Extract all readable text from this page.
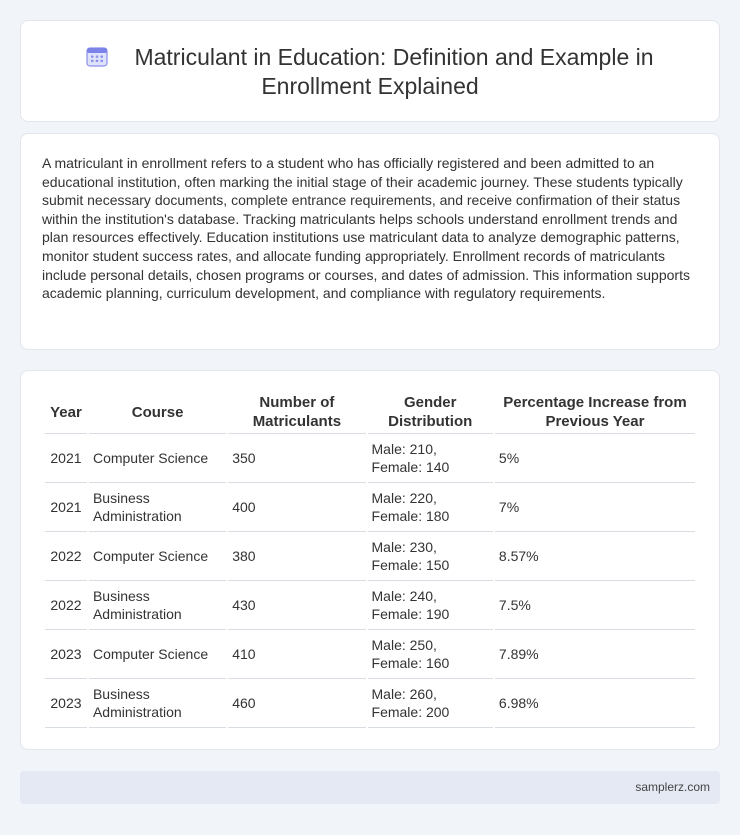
Matriculant in Education: Definition and Example in
Enrollment Explained

A matriculant in enrollment refers to a student who has officially registered and been admitted to an educational institution, often marking the initial stage of their academic journey. These students typically submit necessary documents, complete entrance requirements, and receive confirmation of their status within the institution's database. Tracking matriculants helps schools understand enrollment trends and plan resources effectively. Education institutions use matriculant data to analyze demographic patterns, monitor student success rates, and allocate funding appropriately. Enrollment records of matriculants include personal details, chosen programs or courses, and dates of admission. This information supports academic planning, curriculum development, and compliance with regulatory requirements.

Year	Course	Number of Matriculants	Gender Distribution	Percentage Increase from Previous Year
2021	Computer Science	350	Male: 210, Female: 140	5%
2021	Business Administration	400	Male: 220, Female: 180	7%
2022	Computer Science	380	Male: 230, Female: 150	8.57%
2022	Business Administration	430	Male: 240, Female: 190	7.5%
2023	Computer Science	410	Male: 250, Female: 160	7.89%
2023	Business Administration	460	Male: 260, Female: 200	6.98%
samplerz.com
